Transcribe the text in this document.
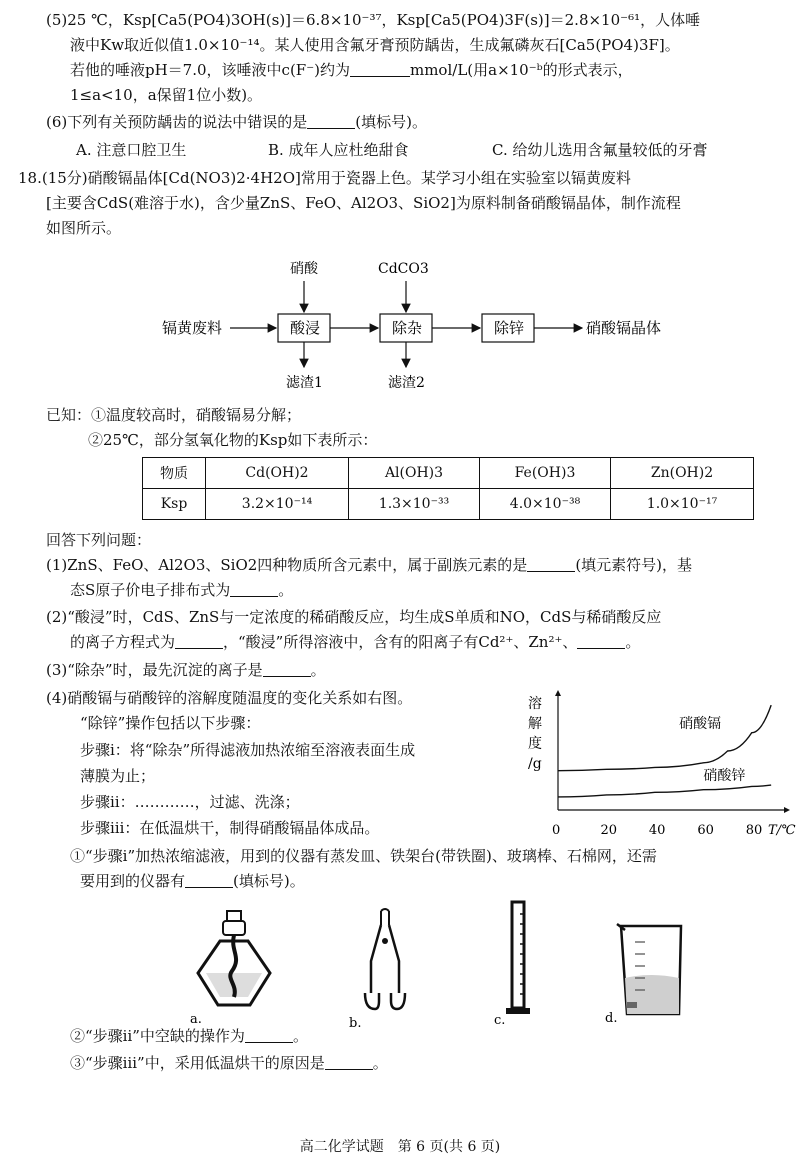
(5)25 ℃，Ksp[Ca5(PO4)3OH(s)]＝6.8×10⁻³⁷，Ksp[Ca5(PO4)3F(s)]＝2.8×10⁻⁶¹，人体唾
液中Kw取近似值1.0×10⁻¹⁴。某人使用含氟牙膏预防龋齿，生成氟磷灰石[Ca5(PO4)3F]。
若他的唾液pH＝7.0，该唾液中c(F⁻)约为	mmol/L(用a×10⁻ᵇ的形式表示，
1≤a<10，a保留1位小数)。
(6)下列有关预防龋齿的说法中错误的是	(填标号)。
A. 注意口腔卫生	B. 成年人应杜绝甜食	C. 给幼儿选用含氟量较低的牙膏
18.(15分)硝酸镉晶体[Cd(NO3)2·4H2O]常用于瓷器上色。某学习小组在实验室以镉黄废料
[主要含CdS(难溶于水)，含少量ZnS、FeO、Al2O3、SiO2]为原料制备硝酸镉晶体，制作流程
如图所示。
镉黄废料	酸浸	除杂	除锌	硝酸镉晶体
硝酸	CdCO3
滤渣1	滤渣2
已知：①温度较高时，硝酸镉易分解；
②25℃，部分氢氧化物的Ksp如下表所示：
物质	Cd(OH)2	Al(OH)3	Fe(OH)3	Zn(OH)2
Ksp	3.2×10⁻¹⁴	1.3×10⁻³³	4.0×10⁻³⁸	1.0×10⁻¹⁷
回答下列问题：
(1)ZnS、FeO、Al2O3、SiO2四种物质所含元素中，属于副族元素的是	(填元素符号)，基
态S原子价电子排布式为	。
(2)“酸浸”时，CdS、ZnS与一定浓度的稀硝酸反应，均生成S单质和NO，CdS与稀硝酸反应
的离子方程式为	，“酸浸”所得溶液中，含有的阳离子有Cd²⁺、Zn²⁺、	。
(3)“除杂”时，最先沉淀的离子是	。
(4)硝酸镉与硝酸锌的溶解度随温度的变化关系如右图。
“除锌”操作包括以下步骤：
步骤ⅰ：将“除杂”所得滤液加热浓缩至溶液表面生成
薄膜为止；
步骤ⅱ：…………，过滤、洗涤；
步骤ⅲ：在低温烘干，制得硝酸镉晶体成品。
溶
解
度
/g
0	20 40 60 80 T/℃
硝酸镉
硝酸锌
①“步骤ⅰ”加热浓缩滤液，用到的仪器有蒸发皿、铁架台(带铁圈)、玻璃棒、石棉网，还需
要用到的仪器有	(填标号)。
a.	b.	c.	d.
②“步骤ⅱ”中空缺的操作为	。
③“步骤ⅲ”中，采用低温烘干的原因是	。
高二化学试题　第 6 页(共 6 页)
